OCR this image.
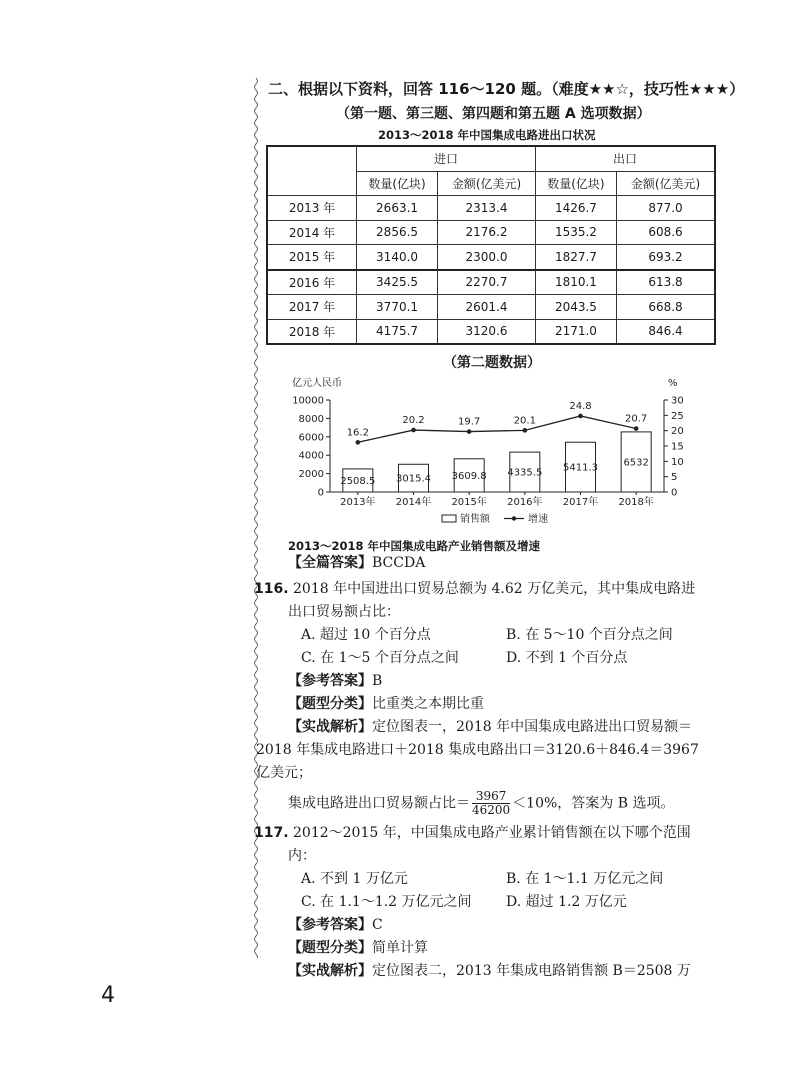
二、根据以下资料，回答 116～120 题。（难度★★☆，技巧性★★★）
（第一题、第三题、第四题和第五题 A 选项数据）
2013～2018 年中国集成电路进出口状况
	进口		出口	
	数量(亿块)	金额(亿美元)	数量(亿块)	金额(亿美元)
2013 年	2663.1	2313.4	1426.7	877.0
2014 年	2856.5	2176.2	1535.2	608.6
2015 年	3140.0	2300.0	1827.7	693.2
2016 年	3425.5	2270.7	1810.1	613.8
2017 年	3770.1	2601.4	2043.5	668.8
2018 年	4175.7	3120.6	2171.0	846.4
（第二题数据）
亿元人民币	%
0
2000
4000
6000
8000
10000
0
5
10
15
20
25
30
2508.5
2013年
3015.4
2014年
3609.8
2015年
4335.5
2016年
5411.3
2017年
6532
2018年
16.2
20.2	19.7	20.1
24.8
20.7
销售额	增速
2013～2018 年中国集成电路产业销售额及增速
【全篇答案】BCCDA
116. 2018 年中国进出口贸易总额为 4.62 万亿美元，其中集成电路进
出口贸易额占比：
A. 超过 10 个百分点	B. 在 5～10 个百分点之间
C. 在 1～5 个百分点之间	D. 不到 1 个百分点
【参考答案】B
【题型分类】比重类之本期比重
【实战解析】定位图表一，2018 年中国集成电路进出口贸易额＝
2018 年集成电路进口＋2018 集成电路出口＝3120.6＋846.4＝3967
亿美元；
集成电路进出口贸易额占比＝ $\frac{3967}{46200} <10\%$，答案为 B 选项。
117. 2012～2015 年，中国集成电路产业累计销售额在以下哪个范围
内：
A. 不到 1 万亿元	B. 在 1～1.1 万亿元之间
C. 在 1.1～1.2 万亿元之间 D. 超过 1.2 万亿元
【参考答案】C
【题型分类】简单计算
【实战解析】定位图表二，2013 年集成电路销售额 B＝2508 万
4
